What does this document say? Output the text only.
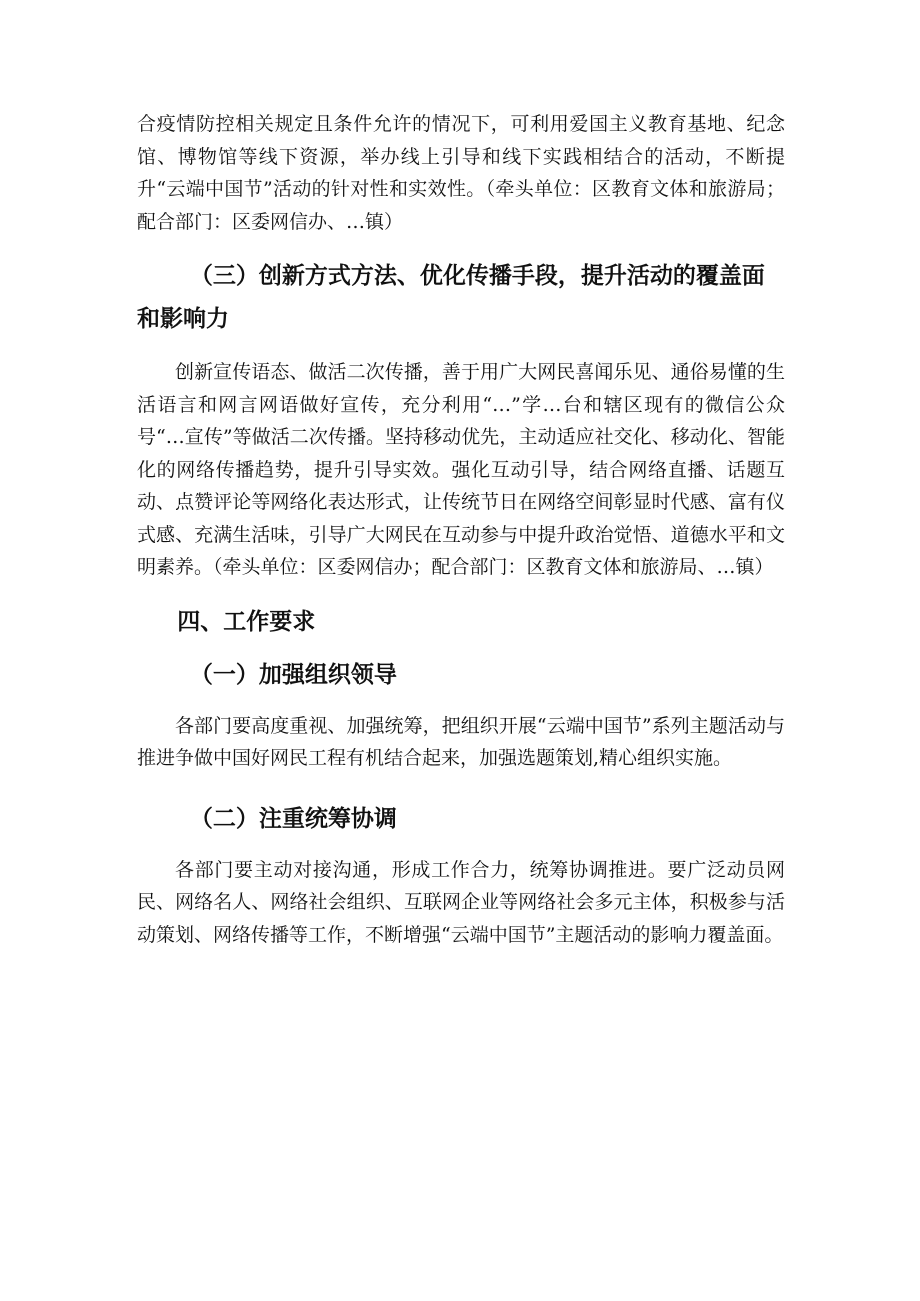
合疫情防控相关规定且条件允许的情况下，可利用爱国主义教育基地、纪念馆、博物馆等线下资源，举办线上引导和线下实践相结合的活动，不断提升“云端中国节”活动的针对性和实效性。（牵头单位：区教育文体和旅游局；配合部门：区委网信办、…镇）

（三）创新方式方法、优化传播手段，提升活动的覆盖面和影响力

创新宣传语态、做活二次传播，善于用广大网民喜闻乐见、通俗易懂的生活语言和网言网语做好宣传，充分利用“…”学…台和辖区现有的微信公众号“…宣传”等做活二次传播。坚持移动优先，主动适应社交化、移动化、智能化的网络传播趋势，提升引导实效。强化互动引导，结合网络直播、话题互动、点赞评论等网络化表达形式，让传统节日在网络空间彰显时代感、富有仪式感、充满生活味，引导广大网民在互动参与中提升政治觉悟、道德水平和文明素养。（牵头单位：区委网信办；配合部门：区教育文体和旅游局、…镇）

四、工作要求
（一）加强组织领导

各部门要高度重视、加强统筹，把组织开展“云端中国节”系列主题活动与推进争做中国好网民工程有机结合起来，加强选题策划,精心组织实施。

（二）注重统筹协调

各部门要主动对接沟通，形成工作合力，统筹协调推进。要广泛动员网民、网络名人、网络社会组织、互联网企业等网络社会多元主体，积极参与活动策划、网络传播等工作，不断增强“云端中国节”主题活动的影响力覆盖面。
